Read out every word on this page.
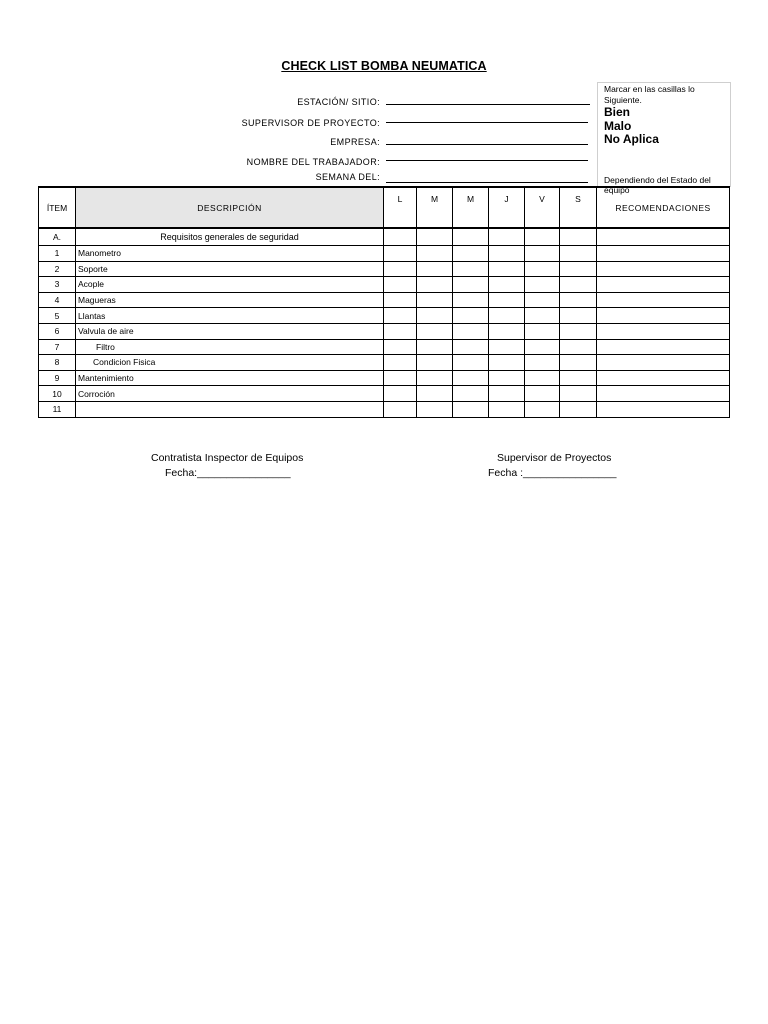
CHECK LIST BOMBA NEUMATICA
ESTACIÓN/ SITIO:
SUPERVISOR DE PROYECTO:
EMPRESA:
NOMBRE DEL TRABAJADOR:
SEMANA DEL:
Marcar en las casillas lo
Siguiente.
Bien
Malo
No Aplica
Dependiendo del Estado del equipo
ÍTEM	DESCRIPCIÓN	L	M	M	J	V	S	RECOMENDACIONES
A.	Requisitos generales de seguridad							
1	Manometro							
2	Soporte							
3	Acople							
4	Magueras							
5	Llantas							
6	Valvula de aire							
7	Filtro							
8	Condicion Fisica							
9	Mantenimiento							
10	Corroción							
11								
Contratista Inspector de Equipos
Fecha:________________
Supervisor de Proyectos
Fecha :________________
